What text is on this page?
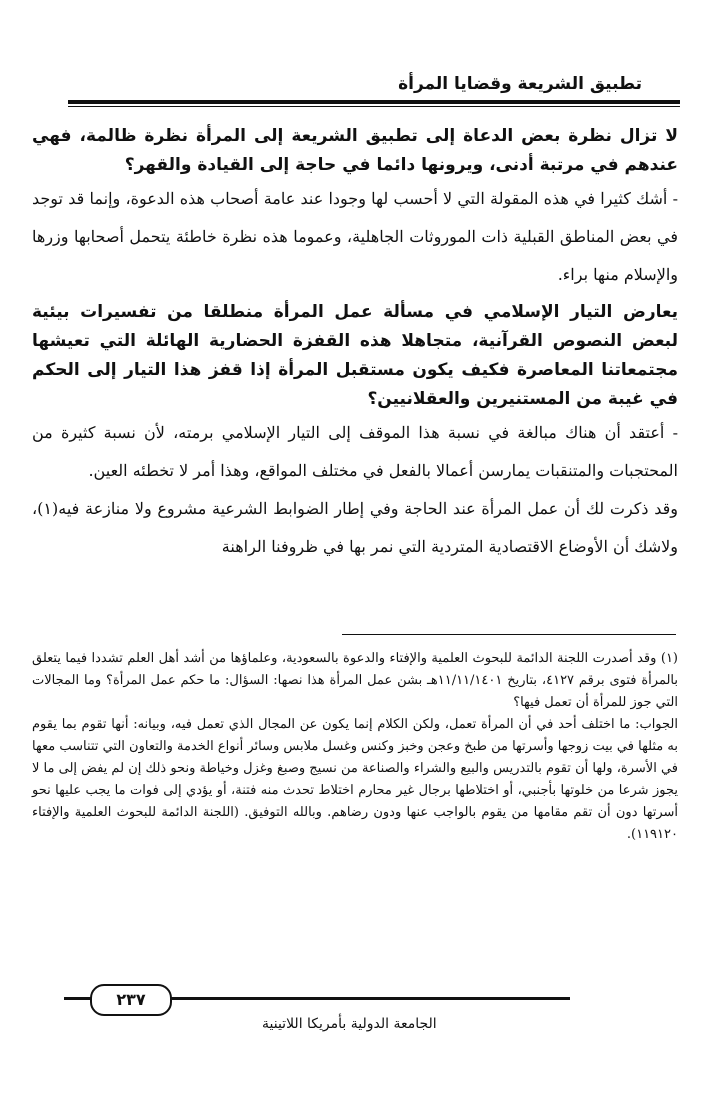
تطبيق الشريعة وقضايا المرأة

لا تزال نظرة بعض الدعاة إلى تطبيق الشريعة إلى المرأة نظرة ظالمة، فهي عندهم في مرتبة أدنى، ويرونها دائما في حاجة إلى القيادة والقهر؟

- أشك كثيرا في هذه المقولة التي لا أحسب لها وجودا عند عامة أصحاب هذه الدعوة، وإنما قد توجد في بعض المناطق القبلية ذات الموروثات الجاهلية، وعموما هذه نظرة خاطئة يتحمل أصحابها وزرها والإسلام منها براء.

يعارض التيار الإسلامي في مسألة عمل المرأة منطلقا من تفسيرات بيئية لبعض النصوص القرآنية، متجاهلا هذه القفزة الحضارية الهائلة التي تعيشها مجتمعاتنا المعاصرة فكيف يكون مستقبل المرأة إذا قفز هذا التيار إلى الحكم في غيبة من المستنيرين والعقلانيين؟

- أعتقد أن هناك مبالغة في نسبة هذا الموقف إلى التيار الإسلامي برمته، لأن نسبة كثيرة من المحتجبات والمتنقبات يمارسن أعمالا بالفعل في مختلف المواقع، وهذا أمر لا تخطئه العين.

وقد ذكرت لك أن عمل المرأة عند الحاجة وفي إطار الضوابط الشرعية مشروع ولا منازعة فيه(١)، ولاشك أن الأوضاع الاقتصادية المتردية التي نمر بها في ظروفنا الراهنة

(١) وقد أصدرت اللجنة الدائمة للبحوث العلمية والإفتاء والدعوة بالسعودية، وعلماؤها من أشد أهل العلم تشددا فيما يتعلق بالمرأة فتوى برقم ٤١٢٧، بتاريخ ١١/١١/١٤٠١هـ بشن عمل المرأة هذا نصها: السؤال: ما حكم عمل المرأة؟ وما المجالات التي جوز للمرأة أن تعمل فيها؟

الجواب: ما اختلف أحد في أن المرأة تعمل، ولكن الكلام إنما يكون عن المجال الذي تعمل فيه، وبيانه: أنها تقوم بما يقوم به مثلها في بيت زوجها وأسرتها من طبخ وعجن وخبز وكنس وغسل ملابس وسائر أنواع الخدمة والتعاون التي تتناسب معها في الأسرة، ولها أن تقوم بالتدريس والبيع والشراء والصناعة من نسيج وصبغ وغزل وخياطة ونحو ذلك إن لم يفض إلى ما لا يجوز شرعا من خلوتها بأجنبي، أو اختلاطها برجال غير محارم اختلاط تحدث منه فتنة، أو يؤدي إلى فوات ما يجب عليها نحو أسرتها دون أن تقم مقامها من يقوم بالواجب عنها ودون رضاهم. وبالله التوفيق. (اللجنة الدائمة للبحوث العلمية والإفتاء ١١٩١٢٠).

٢٣٧
الجامعة الدولية بأمريكا اللاتينية
